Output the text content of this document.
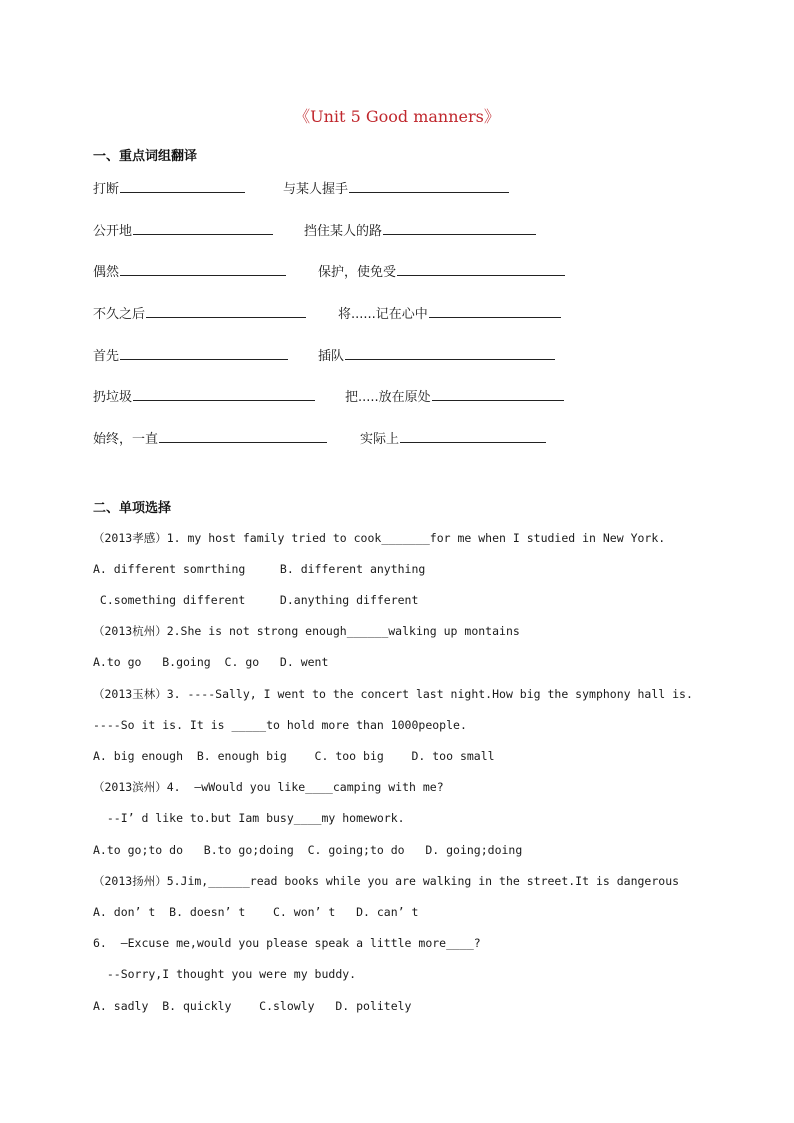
《Unit 5 Good manners》
一、重点词组翻译
打断	与某人握手
公开地	挡住某人的路
偶然	保护，使免受
不久之后	将......记在心中
首先	插队
扔垃圾	把.....放在原处
始终，一直	实际上
二、单项选择
（2013孝感）1. my host family tried to cook_______for me when I studied in New York.
A. different somrthing     B. different anything
C.something different     D.anything different
（2013杭州）2.She is not strong enough______walking up montains
A.to go   B.going  C. go   D. went
（2013玉林）3. ----Sally, I went to the concert last night.How big the symphony hall is.
----So it is. It is _____to hold more than 1000people.
A. big enough  B. enough big    C. too big    D. too small
（2013滨州）4.  –wWould you like____camping with me?
--I’ d like to.but Iam busy____my homework.
A.to go;to do   B.to go;doing  C. going;to do   D. going;doing
（2013扬州）5.Jim,______read books while you are walking in the street.It is dangerous
A. don’ t  B. doesn’ t    C. won’ t   D. can’ t
6.  –Excuse me,would you please speak a little more____?
--Sorry,I thought you were my buddy.
A. sadly  B. quickly    C.slowly   D. politely
